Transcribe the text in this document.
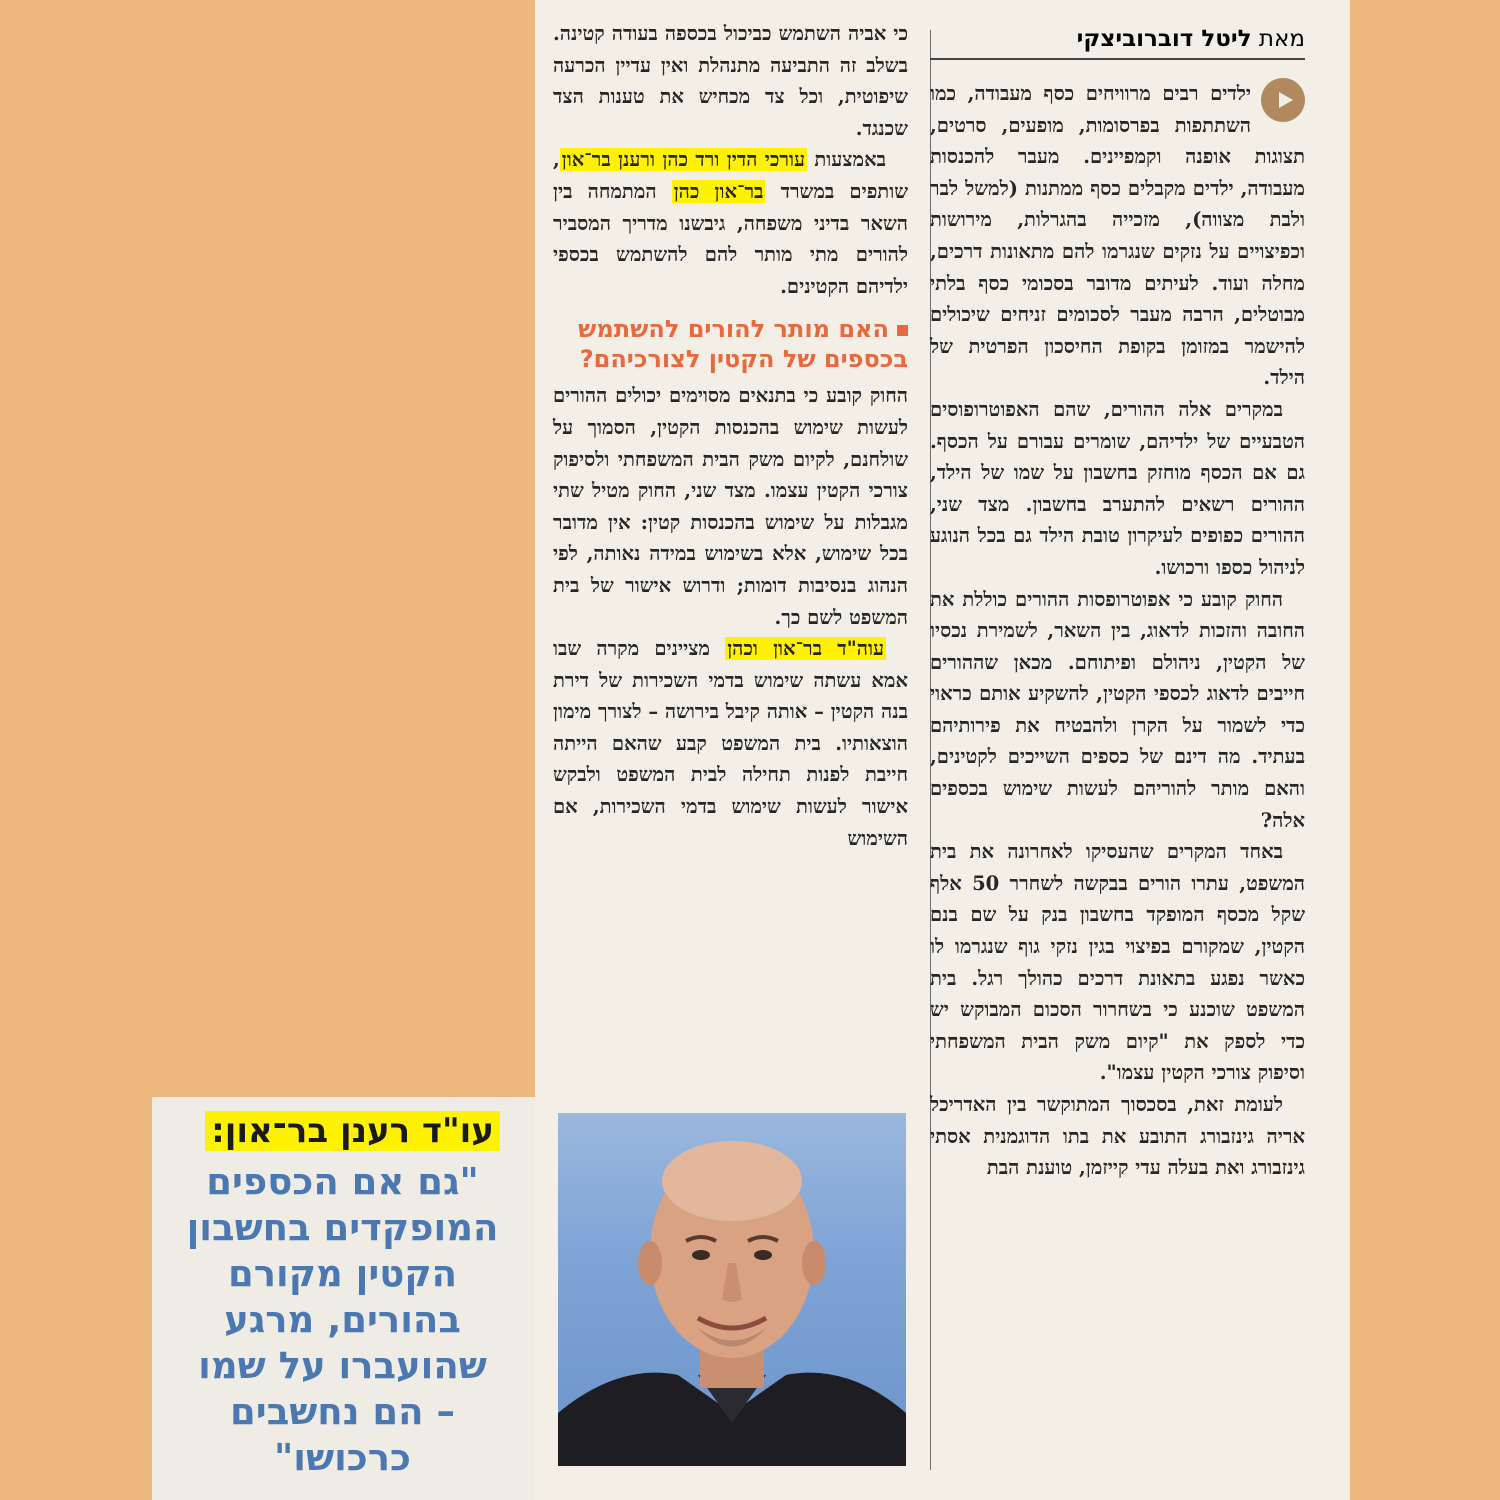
מאת ליטל דוברוביצקי

ילדים רבים מרוויחים כסף מעבודה, כמו השתתפות בפרסומות, מופעים, סרטים, תצוגות אופנה וקמפיינים. מעבר להכנסות מעבודה, ילדים מקבלים כסף ממתנות (למשל לבר ולבת מצווה), מזכייה בהגרלות, מירושות וכפיצויים על נזקים שנגרמו להם מתאונות דרכים, מחלה ועוד. לעיתים מדובר בסכומי כסף בלתי מבוטלים, הרבה מעבר לסכומים זניחים שיכולים להישמר במזומן בקופת החיסכון הפרטית של הילד.

במקרים אלה ההורים, שהם האפוטרופוסים הטבעיים של ילדיהם, שומרים עבורם על הכסף. גם אם הכסף מוחזק בחשבון על שמו של הילד, ההורים רשאים להתערב בחשבון. מצד שני, ההורים כפופים לעיקרון טובת הילד גם בכל הנוגע לניהול כספו ורכושו.

החוק קובע כי אפוטרופסות ההורים כוללת את החובה והזכות לדאוג, בין השאר, לשמירת נכסיו של הקטין, ניהולם ופיתוחם. מכאן שההורים חייבים לדאוג לכספי הקטין, להשקיע אותם כראוי כדי לשמור על הקרן ולהבטיח את פירותיהם בעתיד. מה דינם של כספים השייכים לקטינים, והאם מותר להוריהם לעשות שימוש בכספים אלה?

באחד המקרים שהעסיקו לאחרונה את בית המשפט, עתרו הורים בבקשה לשחרר 50 אלף שקל מכסף המופקד בחשבון בנק על שם בנם הקטין, שמקורם בפיצוי בגין נזקי גוף שנגרמו לו כאשר נפגע בתאונת דרכים כהולך רגל. בית המשפט שוכנע כי בשחרור הסכום המבוקש יש כדי לספק את "קיום משק הבית המשפחתי וסיפוק צורכי הקטין עצמו".

לעומת זאת, בסכסוך המתוקשר בין האדריכל אריה גינזבורג התובע את בתו הדוגמנית אסתי גינזבורג ואת בעלה עדי קייזמן, טוענת הבת

כי אביה השתמש כביכול בכספה בעודה קטינה. בשלב זה התביעה מתנהלת ואין עדיין הכרעה שיפוטית, וכל צד מכחיש את טענות הצד שכנגד.

באמצעות עורכי הדין ורד כהן ורענן בר־און, שותפים במשרד בר־און כהן המתמחה בין השאר בדיני משפחה, גיבשנו מדריך המסביר להורים מתי מותר להם להשתמש בכספי ילדיהם הקטינים.

האם מותר להורים להשתמש בכספים של הקטין לצורכיהם?

החוק קובע כי בתנאים מסוימים יכולים ההורים לעשות שימוש בהכנסות הקטין, הסמוך על שולחנם, לקיום משק הבית המשפחתי ולסיפוק צורכי הקטין עצמו. מצד שני, החוק מטיל שתי מגבלות על שימוש בהכנסות קטין: אין מדובר בכל שימוש, אלא בשימוש במידה נאותה, לפי הנהוג בנסיבות דומות; ודרוש אישור של בית המשפט לשם כך.

עוה"ד בר־און וכהן מציינים מקרה שבו אמא עשתה שימוש בדמי השכירות של דירת בנה הקטין – אותה קיבל בירושה – לצורך מימון הוצאותיו. בית המשפט קבע שהאם הייתה חייבת לפנות תחילה לבית המשפט ולבקש אישור לעשות שימוש בדמי השכירות, אם השימוש

עו"ד רענן בר־און:
"גם אם הכספים המופקדים בחשבון הקטין מקורם בהורים, מרגע שהועברו על שמו – הם נחשבים כרכושו"
